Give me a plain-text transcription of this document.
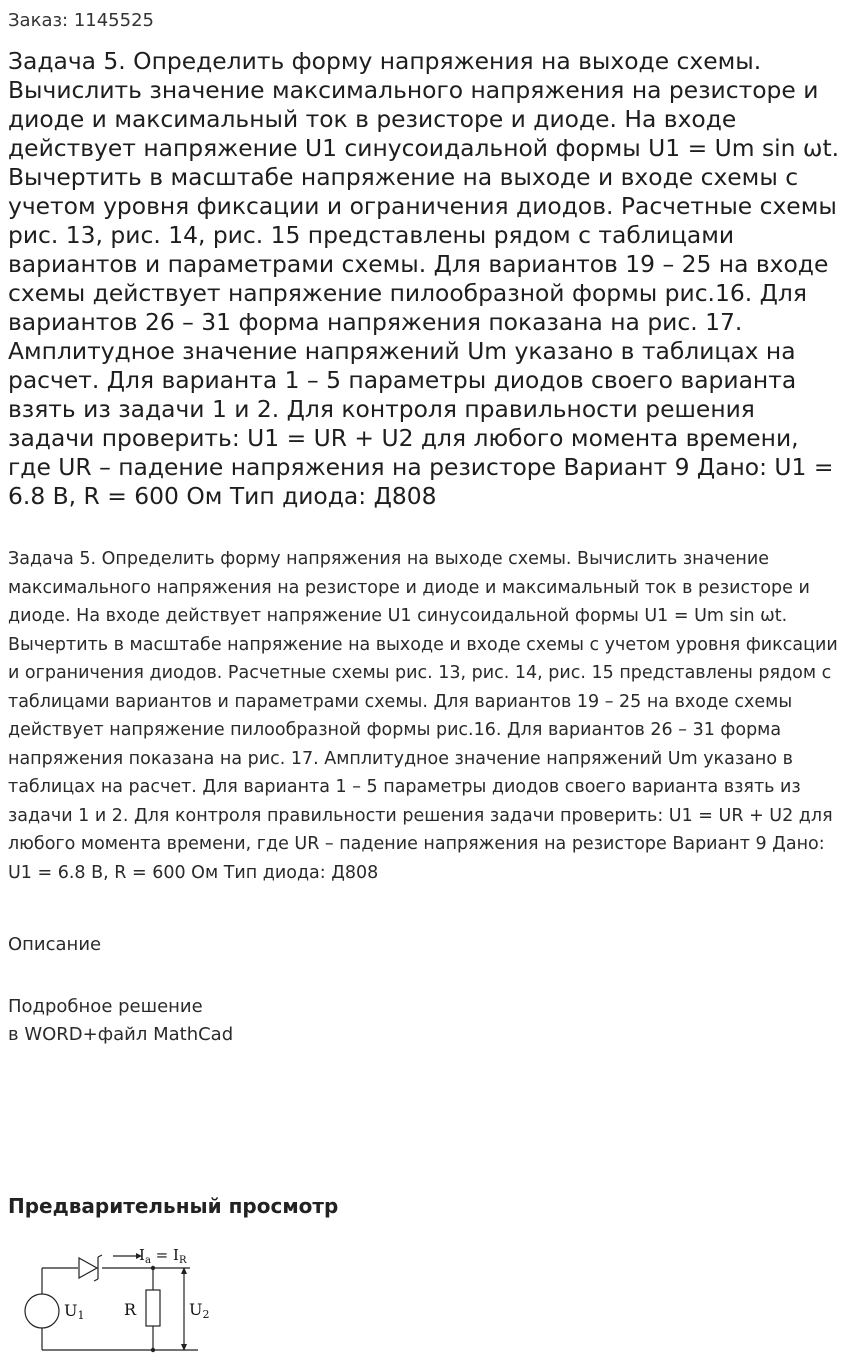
Заказ: 1145525
Задача 5. Определить форму напряжения на выходе схемы. Вычислить значение максимального напряжения на резисторе и диоде и максимальный ток в резисторе и диоде. На входе действует напряжение U1 синусоидальной формы U1 = Um sin ωt. Вычертить в масштабе напряжение на выходе и входе схемы с учетом уровня фиксации и ограничения диодов. Расчетные схемы рис. 13, рис. 14, рис. 15 представлены рядом с таблицами вариантов и параметрами схемы. Для вариантов 19 – 25 на входе схемы действует напряжение пилообразной формы рис.16. Для вариантов 26 – 31 форма напряжения показана на рис. 17. Амплитудное значение напряжений Um указано в таблицах на расчет. Для варианта 1 – 5 параметры диодов своего варианта взять из задачи 1 и 2. Для контроля правильности решения задачи проверить: U1 = UR + U2 для любого момента времени, где UR – падение напряжения на резисторе Вариант 9 Дано: U1 = 6.8 В, R = 600 Ом Тип диода: Д808

Задача 5. Определить форму напряжения на выходе схемы. Вычислить значение максимального напряжения на резисторе и диоде и максимальный ток в резисторе и диоде. На входе действует напряжение U1 синусоидальной формы U1 = Um sin ωt. Вычертить в масштабе напряжение на выходе и входе схемы с учетом уровня фиксации и ограничения диодов. Расчетные схемы рис. 13, рис. 14, рис. 15 представлены рядом с таблицами вариантов и параметрами схемы. Для вариантов 19 – 25 на входе схемы действует напряжение пилообразной формы рис.16. Для вариантов 26 – 31 форма напряжения показана на рис. 17. Амплитудное значение напряжений Um указано в таблицах на расчет. Для варианта 1 – 5 параметры диодов своего варианта взять из задачи 1 и 2. Для контроля правильности решения задачи проверить: U1 = UR + U2 для любого момента времени, где UR – падение напряжения на резисторе Вариант 9 Дано: U1 = 6.8 В, R = 600 Ом Тип диода: Д808

Описание
Подробное решение
в WORD+файл MathCad
Предварительный просмотр
$I_a = I_R$
U1 R	U2
